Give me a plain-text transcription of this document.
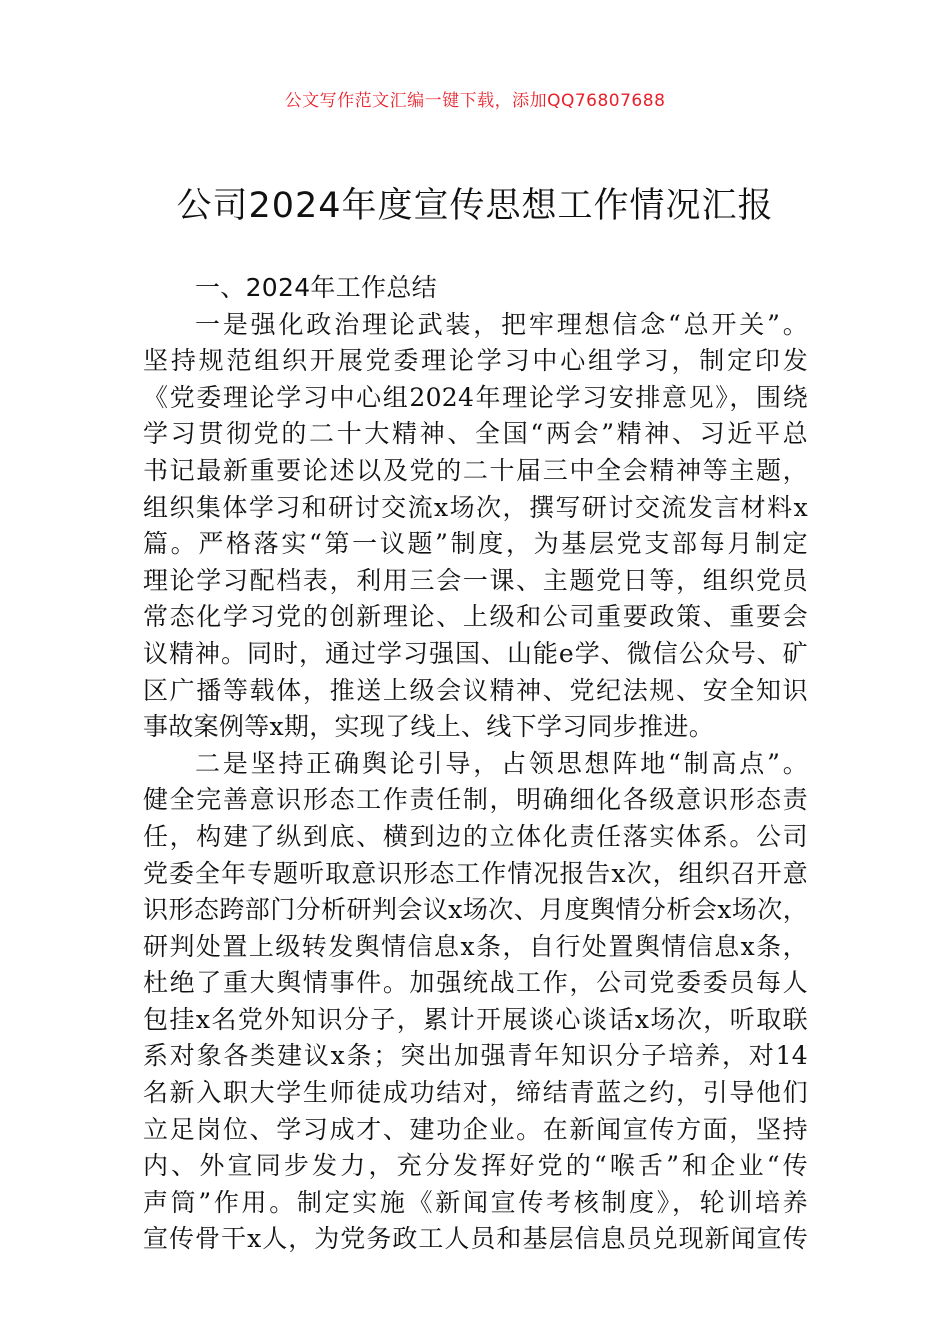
公文写作范文汇编一键下载，添加QQ76807688
公司2024年度宣传思想工作情况汇报
一、2024年工作总结
一是强化政治理论武装，把牢理想信念“总开关”。
坚持规范组织开展党委理论学习中心组学习，制定印发
《党委理论学习中心组2024年理论学习安排意见》，围绕
学习贯彻党的二十大精神、全国“两会”精神、习近平总
书记最新重要论述以及党的二十届三中全会精神等主题，
组织集体学习和研讨交流x场次，撰写研讨交流发言材料x
篇。严格落实“第一议题”制度，为基层党支部每月制定
理论学习配档表，利用三会一课、主题党日等，组织党员
常态化学习党的创新理论、上级和公司重要政策、重要会
议精神。同时，通过学习强国、山能e学、微信公众号、矿
区广播等载体，推送上级会议精神、党纪法规、安全知识
事故案例等x期，实现了线上、线下学习同步推进。
二是坚持正确舆论引导，占领思想阵地“制高点”。
健全完善意识形态工作责任制，明确细化各级意识形态责
任，构建了纵到底、横到边的立体化责任落实体系。公司
党委全年专题听取意识形态工作情况报告x次，组织召开意
识形态跨部门分析研判会议x场次、月度舆情分析会x场次，
研判处置上级转发舆情信息x条，自行处置舆情信息x条，
杜绝了重大舆情事件。加强统战工作，公司党委委员每人
包挂x名党外知识分子，累计开展谈心谈话x场次，听取联
系对象各类建议x条；突出加强青年知识分子培养，对14
名新入职大学生师徒成功结对，缔结青蓝之约，引导他们
立足岗位、学习成才、建功企业。在新闻宣传方面，坚持
内、外宣同步发力，充分发挥好党的“喉舌”和企业“传
声筒”作用。制定实施《新闻宣传考核制度》，轮训培养
宣传骨干x人，为党务政工人员和基层信息员兑现新闻宣传
